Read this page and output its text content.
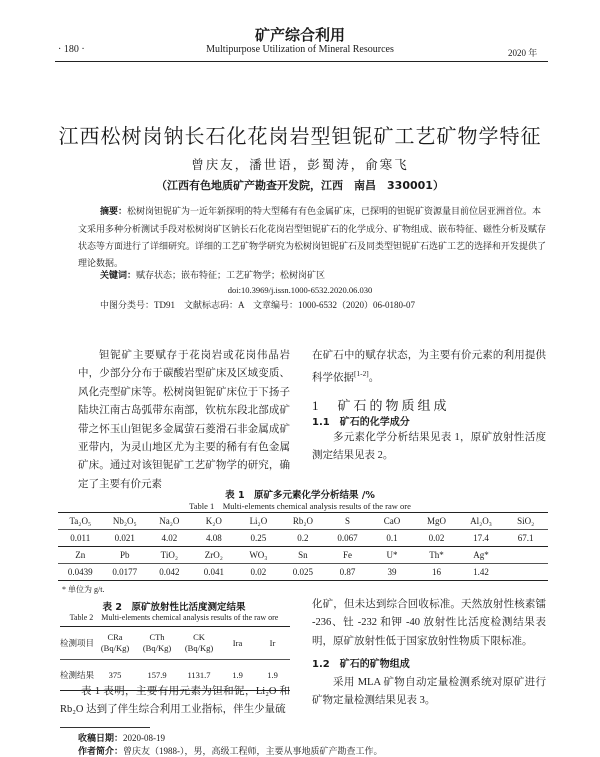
矿产综合利用
· 180 ·	Multipurpose Utilization of Mineral Resources	2020 年
江西松树岗钠长石化花岗岩型钽铌矿工艺矿物学特征
曾庆友，潘世语，彭蜀涛，俞寒飞
（江西有色地质矿产勘查开发院，江西　南昌　330001）
摘要：松树岗钽铌矿为一近年新探明的特大型稀有有色金属矿床，已探明的钽铌矿资源量目前位居亚洲首位。本文采用多种分析测试手段对松树岗矿区钠长石化花岗岩型钽铌矿石的化学成分、矿物组成、嵌布特征、磁性分析及赋存状态等方面进行了详细研究。详细的工艺矿物学研究为松树岗钽铌矿石及同类型钽铌矿石选矿工艺的选择和开发提供了理论数据。
关键词：赋存状态；嵌布特征；工艺矿物学；松树岗矿区
doi:10.3969/j.issn.1000-6532.2020.06.030
中图分类号：TD91　文献标志码：A　文章编号：1000-6532（2020）06-0180-07
钽铌矿主要赋存于花岗岩或花岗伟晶岩中，少部分分布于碳酸岩型矿床及区域变质、风化壳型矿床等。松树岗钽铌矿床位于下扬子陆块江南古岛弧带东南部，钦杭东段北部成矿带之怀玉山钽铌多金属萤石菱滑石非金属成矿亚带内，为灵山地区尤为主要的稀有有色金属矿床。通过对该钽铌矿工艺矿物学的研究，确定了主要有价元素
在矿石中的赋存状态，为主要有价元素的利用提供科学依据[1-2]。
1　矿石的物质组成
1.1　矿石的化学成分
多元素化学分析结果见表 1，原矿放射性活度测定结果见表 2。
表 1　原矿多元素化学分析结果 /%
Table 1　Multi-elements chemical analysis results of the raw ore
Ta₂O₅	Nb₂O₅	Na₂O	K₂O	Li₂O	Rb₂O	S	CaO	MgO	Al₂O₃	SiO₂
0.011	0.021	4.02	4.08	0.25	0.2	0.067	0.1	0.02	17.4	67.1
Zn	Pb	TiO₂	ZrO₂	WO₃	Sn	Fe	U*	Th*	Ag*	
0.0439	0.0177	0.042	0.041	0.02	0.025	0.87	39	16	1.42	
* 单位为 g/t.
表 2　原矿放射性比活度测定结果
Table 2　Multi-elements chemical analysis results of the raw ore
检测项目	CRa (Bq/Kg)	CTh (Bq/Kg)	CK (Bq/Kg)	Ira	Ir
检测结果	375	157.9	1131.7	1.9	1.9
表 1 表明，主要有用元素为钽和铌，Li₂O 和 Rb₂O 达到了伴生综合利用工业指标，伴生少量硫
化矿，但未达到综合回收标准。天然放射性核素镭 -236、钍 -232 和钾 -40 放射性比活度检测结果表明，原矿放射性低于国家放射性物质下限标准。
1.2　矿石的矿物组成
采用 MLA 矿物自动定量检测系统对原矿进行矿物定量检测结果见表 3。
收稿日期：2020-08-19
作者简介：曾庆友（1988-），男，高级工程师，主要从事地质矿产勘查工作。
